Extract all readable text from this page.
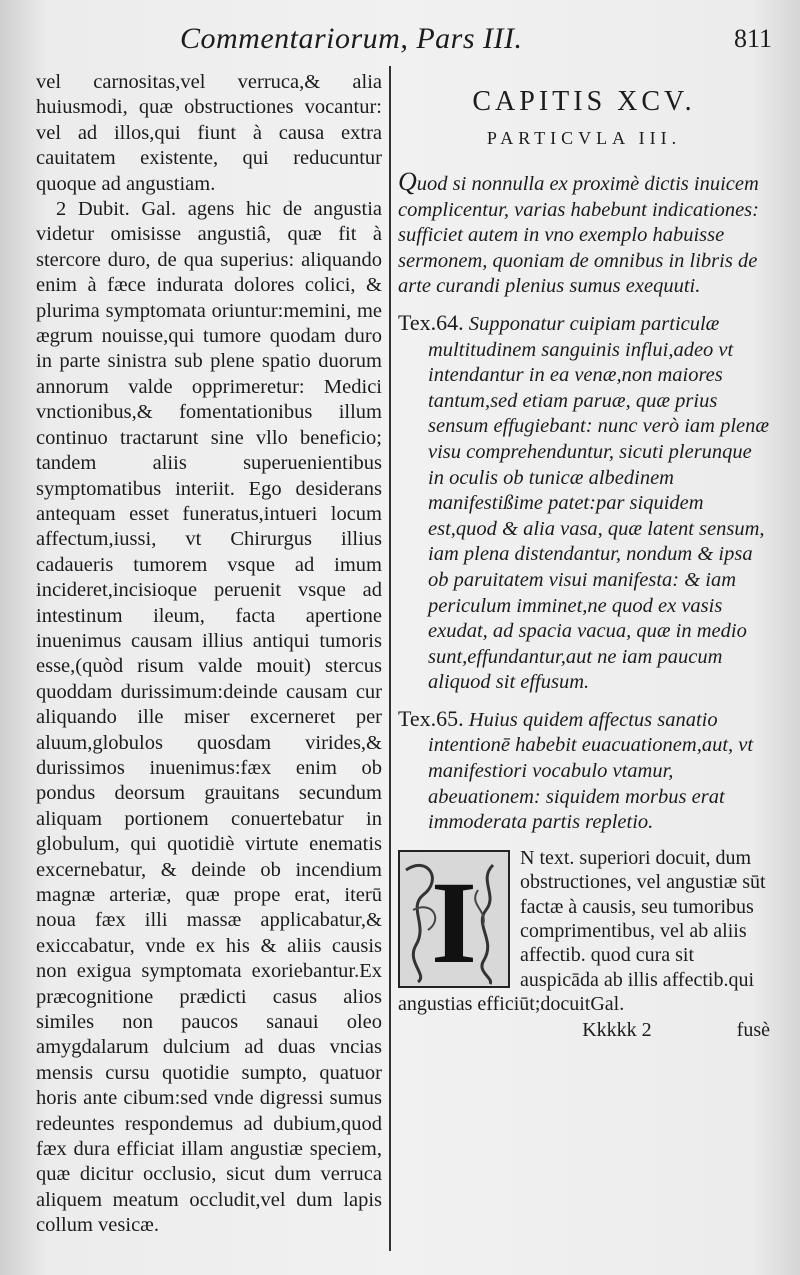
Commentariorum, Pars III.	811

vel carnositas,vel verruca,& alia huiusmodi, quæ obstructiones vocantur: vel ad illos,qui fiunt à causa extra cauitatem existente, qui reducuntur quoque ad angustiam.

2 Dubit. Gal. agens hic de angustia videtur omisisse angustiâ, quæ fit à stercore duro, de qua superius: aliquando enim à fæce indurata dolores colici, & plurima symptomata oriuntur:memini, me ægrum nouisse,qui tumore quodam duro in parte sinistra sub plene spatio duorum annorum valde opprimeretur: Medici vnctionibus,& fomentationibus illum continuo tractarunt sine vllo beneficio; tandem aliis superuenientibus symptomatibus interiit. Ego desiderans antequam esset funeratus,intueri locum affectum,iussi, vt Chirurgus illius cadaueris tumorem vsque ad imum incideret,incisioque peruenit vsque ad intestinum ileum, facta apertione inuenimus causam illius antiqui tumoris esse,(quòd risum valde mouit) stercus quoddam durissimum:deinde causam cur aliquando ille miser excerneret per aluum,globulos quosdam virides,& durissimos inuenimus:fæx enim ob pondus deorsum grauitans secundum aliquam portionem conuertebatur in globulum, qui quotidiè virtute enematis excernebatur, & deinde ob incendium magnæ arteriæ, quæ prope erat, iterū noua fæx illi massæ applicabatur,& exiccabatur, vnde ex his & aliis causis non exigua symptomata exoriebantur.Ex præcognitione prædicti casus alios similes non paucos sanaui oleo amygdalarum dulcium ad duas vncias mensis cursu quotidie sumpto, quatuor horis ante cibum:sed vnde digressi sumus redeuntes respondemus ad dubium,quod fæx dura efficiat illam angustiæ speciem, quæ dicitur occlusio, sicut dum verruca aliquem meatum occludit,vel dum lapis collum vesicæ.

CAPITIS XCV.
PARTICVLA III.

Quod si nonnulla ex proximè dictis inuicem complicentur, varias habebunt indicationes: sufficiet autem in vno exemplo habuisse sermonem, quoniam de omnibus in libris de arte curandi plenius sumus exequuti.

Tex.64. Supponatur cuipiam particulæ multitudinem sanguinis influi,adeo vt intendantur in ea venæ,non maiores tantum,sed etiam paruæ, quæ prius sensum effugiebant: nunc verò iam plenæ visu comprehenduntur, sicuti plerunque in oculis ob tunicæ albedinem manifestißime patet:par siquidem est,quod & alia vasa, quæ latent sensum, iam plena distendantur, nondum & ipsa ob paruitatem visui manifesta: & iam periculum imminet,ne quod ex vasis exudat, ad spacia vacua, quæ in medio sunt,effundantur,aut ne iam paucum aliquod sit effusum.

Tex.65. Huius quidem affectus sanatio intentionē habebit euacuationem,aut, vt manifestiori vocabulo vtamur, abeuationem: siquidem morbus erat immoderata partis repletio.

I N text. superiori docuit, dum obstructiones, vel angustiæ sūt factæ à causis, seu tumoribus comprimentibus, vel ab aliis affectib. quod cura sit auspicāda ab illis affectib.qui angustias efficiūt;docuitGal.
Kkkkk 2	fusè
